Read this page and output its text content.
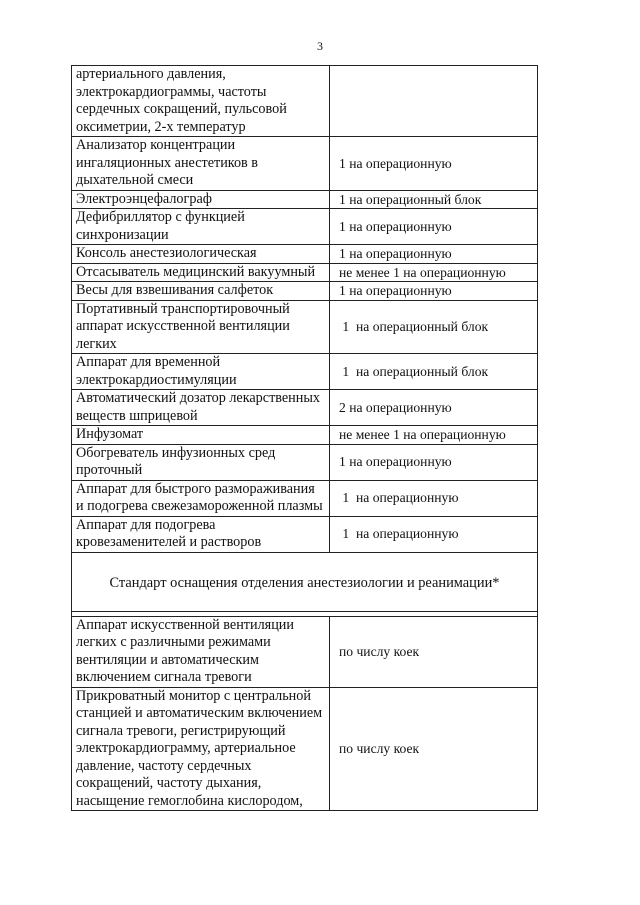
3
артериального давления, электрокардиограммы, частоты сердечных сокращений, пульсовой оксиметрии, 2-х температур	
Анализатор концентрации ингаляционных анестетиков в дыхательной смеси	1 на операционную
Электроэнцефалограф	1 на операционный блок
Дефибриллятор с функцией синхронизации	1 на операционную
Консоль анестезиологическая	1 на операционную
Отсасыватель медицинский вакуумный	не менее 1 на операционную
Весы для взвешивания салфеток	1 на операционную
Портативный транспортировочный аппарат искусственной вентиляции легких	1  на операционный блок
Аппарат для временной электрокардиостимуляции	1  на операционный блок
Автоматический дозатор лекарственных веществ шприцевой	2 на операционную
Инфузомат	не менее 1 на операционную
Обогреватель инфузионных сред проточный	1 на операционную
Аппарат для быстрого размораживания и подогрева свежезамороженной плазмы	1  на операционную
Аппарат для подогрева кровезаменителей и растворов	1  на операционную
Стандарт оснащения отделения анестезиологии и реанимации*	

Аппарат искусственной вентиляции легких с различными режимами вентиляции и автоматическим включением сигнала тревоги	по числу коек
Прикроватный монитор с центральной станцией и автоматическим включением сигнала тревоги, регистрирующий электрокардиограмму, артериальное давление, частоту сердечных сокращений, частоту дыхания, насыщение гемоглобина кислородом,	по числу коек
